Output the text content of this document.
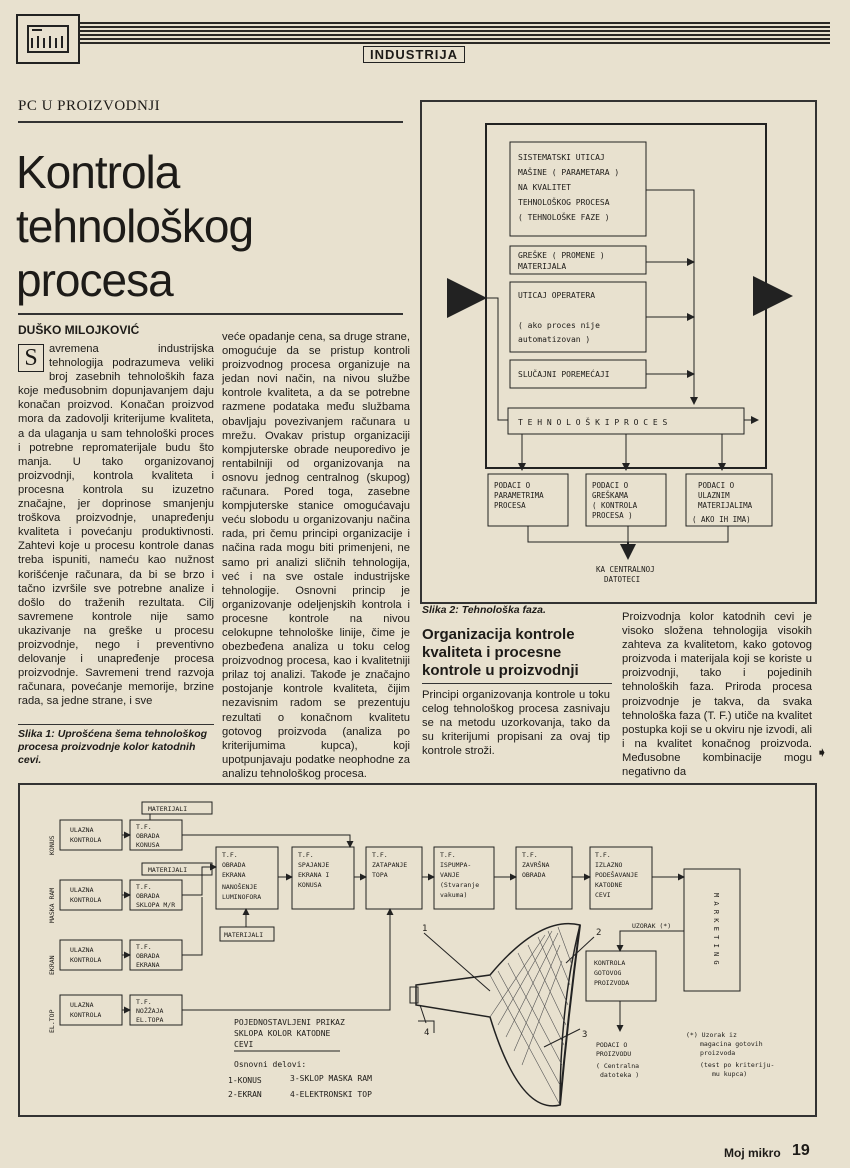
INDUSTRIJA
PC U PROIZVODNJI
Kontrola
tehnološkog
procesa
DUŠKO MILOJKOVIĆ
S	avremena industrijska tehnologija podrazumeva veliki broj zasebnih tehnoloških faza koje međusobnim dopunjavanjem daju konačan proizvod. Konačan proizvod mora da zadovolji kriterijume kvaliteta, a da ulaganja u sam tehnološki proces i potrebne repromaterijale budu što manja. U tako organizovanoj proizvodnji, kontrola kvaliteta i procesna kontrola su izuzetno značajne, jer doprinose smanjenju troškova proizvodnje, unapređenju kvaliteta i povećanju produktivnosti. Zahtevi koje u procesu kontrole danas treba ispuniti, nameću kao nužnost korišćenje računara, da bi se brzo i tačno izvršile sve potrebne analize i došlo do traženih rezultata. Cilj savremene kontrole nije samo ukazivanje na greške u procesu proizvodnje, nego i preventivno delovanje i unapređenje procesa proizvodnje. Savremeni trend razvoja računara, povećanje memorije, brzine rada, sa jedne strane, i sve
veće opadanje cena, sa druge strane, omogućuje da se pristup kontroli proizvodnog procesa organizuje na jedan novi način, na nivou službe kontrole kvaliteta, a da se potrebne razmene podataka među službama obavljaju povezivanjem računara u mrežu. Ovakav pristup organizaciji kompjuterske obrade neuporedivo je rentabilniji od organizovanja na osnovu jednog centralnog (skupog) računara. Pored toga, zasebne kompjuterske stanice omogućavaju veću slobodu u organizovanju načina rada, pri čemu principi organizacije i načina rada mogu biti primenjeni, ne samo pri analizi sličnih tehnologija, već i na sve ostale industrijske tehnologije. Osnovni princip je organizovanje odeljenjskih kontrola i procesne kontrole na nivou celokupne tehnološke linije, čime je obezbeđena analiza u toku celog proizvodnog procesa, kao i kvalitetniji prilaz toj analizi. Takođe je značajno postojanje kontrole kvaliteta, čijim nezavisnim radom se prezentuju rezultati o konačnom kvalitetu gotovog proizvoda (analiza po kriterijumima kupca), koji upotpunjavaju podatke neophodne za analizu tehnološkog procesa.
Slika 1: Uprošćena šema tehnološkog procesa proizvodnje kolor katodnih cevi.
SISTEMATSKI UTICAJ
MAŠINE ( PARAMETARA )
NA KVALITET
TEHNOLOŠKOG PROCESA
( TEHNOLOŠKE FAZE )
GREŠKE ( PROMENE )
MATERIJALA
UTICAJ OPERATERA
( ako proces nije
automatizovan )
SLUČAJNI POREMEĆAJI
T E H N O L O Š K I P R O C E S
PODACI O
PARAMETRIMA
PROCESA
PODACI O
GREŠKAMA
( KONTROLA
PROCESA )
PODACI O
ULAZNIM
MATERIJALIMA
( AKO IH IMA)
KA CENTRALNOJ
DATOTECI
Slika 2: Tehnološka faza.
Organizacija kontrole kvaliteta i procesne kontrole u proizvodnji
Principi organizovanja kontrole u toku celog tehnološkog procesa zasnivaju se na metodu uzorkovanja, tako da su kriterijumi propisani za ovaj tip kontrole stroži.
Proizvodnja kolor katodnih cevi je visoko složena tehnologija visokih zahteva za kvalitetom, kako gotovog proizvoda i materijala koji se koriste u proizvodnji, tako i pojedinih tehnoloških faza. Priroda procesa proizvodnje je takva, da svaka tehnološka faza (T. F.) utiče na kvalitet postupka koji se u okviru nje izvodi, ali i na kvalitet konačnog proizvoda. Međusobne kombinacije mogu negativno da
➧
KONUS
ULAZNA
KONTROLA
T.F.
OBRADA
KONUSA
MATERIJALI
MASKA RAM ULAZNA
KONTROLA
T.F.
OBRADA
SKLOPA M/R
MATERIJALI
EKRAN
ULAZNA
KONTROLA
T.F.
OBRADA
EKRANA
EL.TOP
ULAZNA
KONTROLA
T.F.
NOŽŽAJA
EL.TOPA
T.F.
OBRADA
EKRANA
NANOŠENJE
LUMINOFORA
MATERIJALI
T.F.
SPAJANJE
EKRANA I
KONUSA
T.F.
ZATAPANJE
TOPA
T.F.
ISPUMPA-
VANJE
(Stvaranje
vakuma)
T.F.
ZAVRŠNA
OBRADA
T.F.
IZLAZNO
PODEŠAVANJE
KATODNE
CEVI	M A R K E T I N G
UZORAK (*)
KONTROLA
GOTOVOG
PROIZVODA
PODACI O
PROIZVODU
( Centralna
datoteka )
(*) Uzorak iz
magacina gotovih
proizvoda
(test po kriteriju-
mu kupca)
1	2
3
4
POJEDNOSTAVLJENI PRIKAZ
SKLOPA KOLOR KATODNE
CEVI
Osnovni delovi:
1-KONUS	3-SKLOP MASKA RAM
2-EKRAN	4-ELEKTRONSKI TOP
Moj mikro 19
